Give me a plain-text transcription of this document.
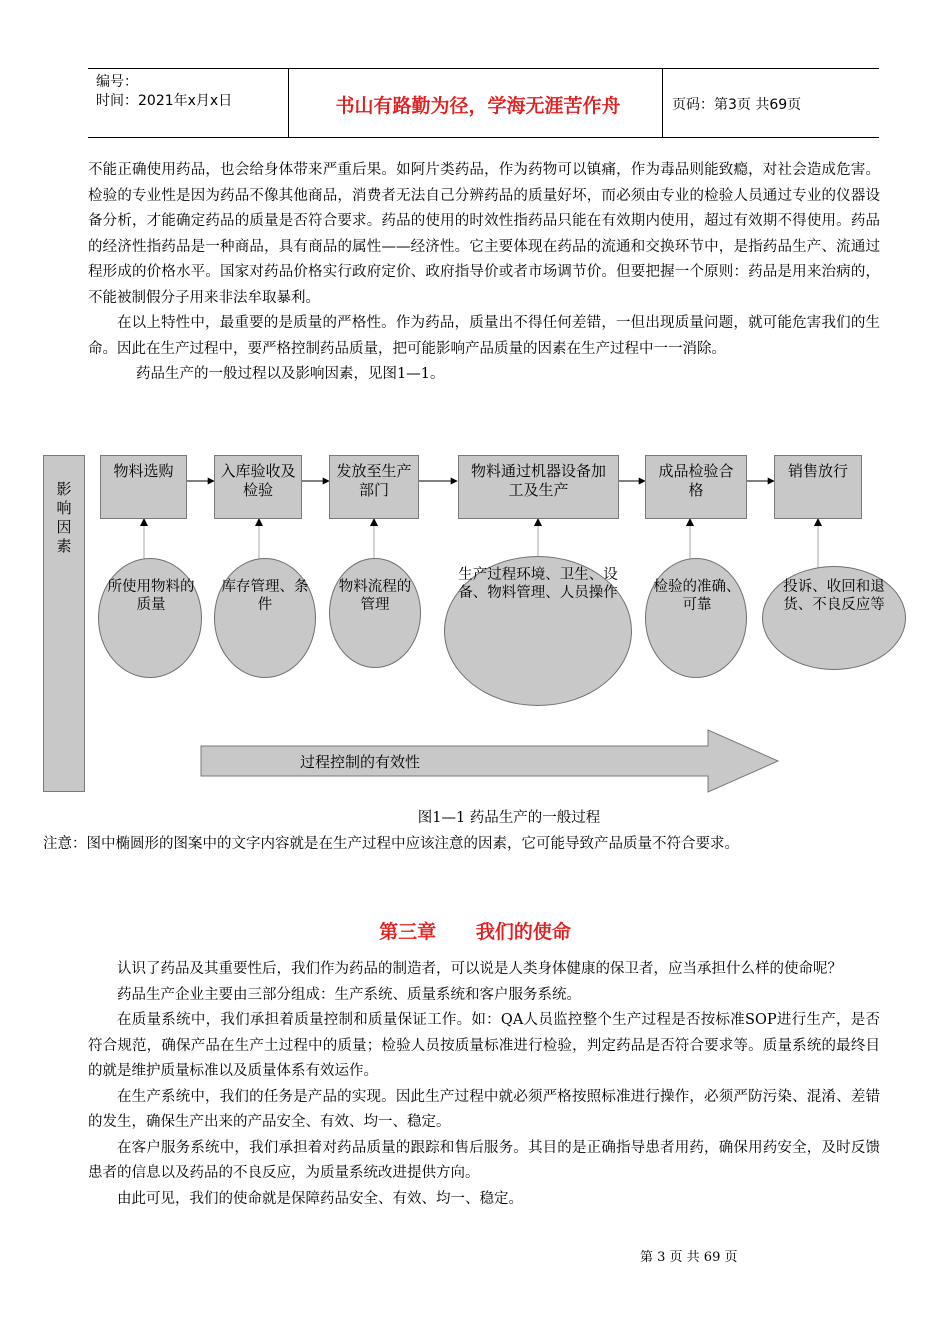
编号：
时间：2021年x月x日	书山有路勤为径，学海无涯苦作舟	页码：第3页 共69页

不能正确使用药品，也会给身体带来严重后果。如阿片类药品，作为药物可以镇痛，作为毒品则能致瘾，对社会造成危害。检验的专业性是因为药品不像其他商品，消费者无法自己分辨药品的质量好坏，而必须由专业的检验人员通过专业的仪器设备分析，才能确定药品的质量是否符合要求。药品的使用的时效性指药品只能在有效期内使用，超过有效期不得使用。药品的经济性指药品是一种商品，具有商品的属性——经济性。它主要体现在药品的流通和交换环节中，是指药品生产、流通过程形成的价格水平。国家对药品价格实行政府定价、政府指导价或者市场调节价。但要把握一个原则：药品是用来治病的，不能被制假分子用来非法牟取暴利。

在以上特性中，最重要的是质量的严格性。作为药品，质量出不得任何差错，一但出现质量问题，就可能危害我们的生命。因此在生产过程中，要严格控制药品质量，把可能影响产品质量的因素在生产过程中一一消除。

药品生产的一般过程以及影响因素，见图1—1。

影响因素
物料选购	入库验收及检验
发放至生产部门
物料通过机器设备加工及生产
成品检验合格
销售放行
所使用物料的质量
库存管理、条件
物料流程的管理
生产过程环境、卫生、设备、物料管理、人员操作	检验的准确、可靠
投诉、收回和退货、不良反应等
过程控制的有效性
图1—1 药品生产的一般过程
注意：图中椭圆形的图案中的文字内容就是在生产过程中应该注意的因素，它可能导致产品质量不符合要求。
第三章      我们的使命

认识了药品及其重要性后，我们作为药品的制造者，可以说是人类身体健康的保卫者，应当承担什么样的使命呢？

药品生产企业主要由三部分组成：生产系统、质量系统和客户服务系统。

在质量系统中，我们承担着质量控制和质量保证工作。如：QA人员监控整个生产过程是否按标准SOP进行生产，是否符合规范，确保产品在生产土过程中的质量；检验人员按质量标准进行检验，判定药品是否符合要求等。质量系统的最终目的就是维护质量标准以及质量体系有效运作。

在生产系统中，我们的任务是产品的实现。因此生产过程中就必须严格按照标准进行操作，必须严防污染、混淆、差错的发生，确保生产出来的产品安全、有效、均一、稳定。

在客户服务系统中，我们承担着对药品质量的跟踪和售后服务。其目的是正确指导患者用药，确保用药安全，及时反馈患者的信息以及药品的不良反应，为质量系统改进提供方向。

由此可见，我们的使命就是保障药品安全、有效、均一、稳定。

第 3 页 共 69 页
